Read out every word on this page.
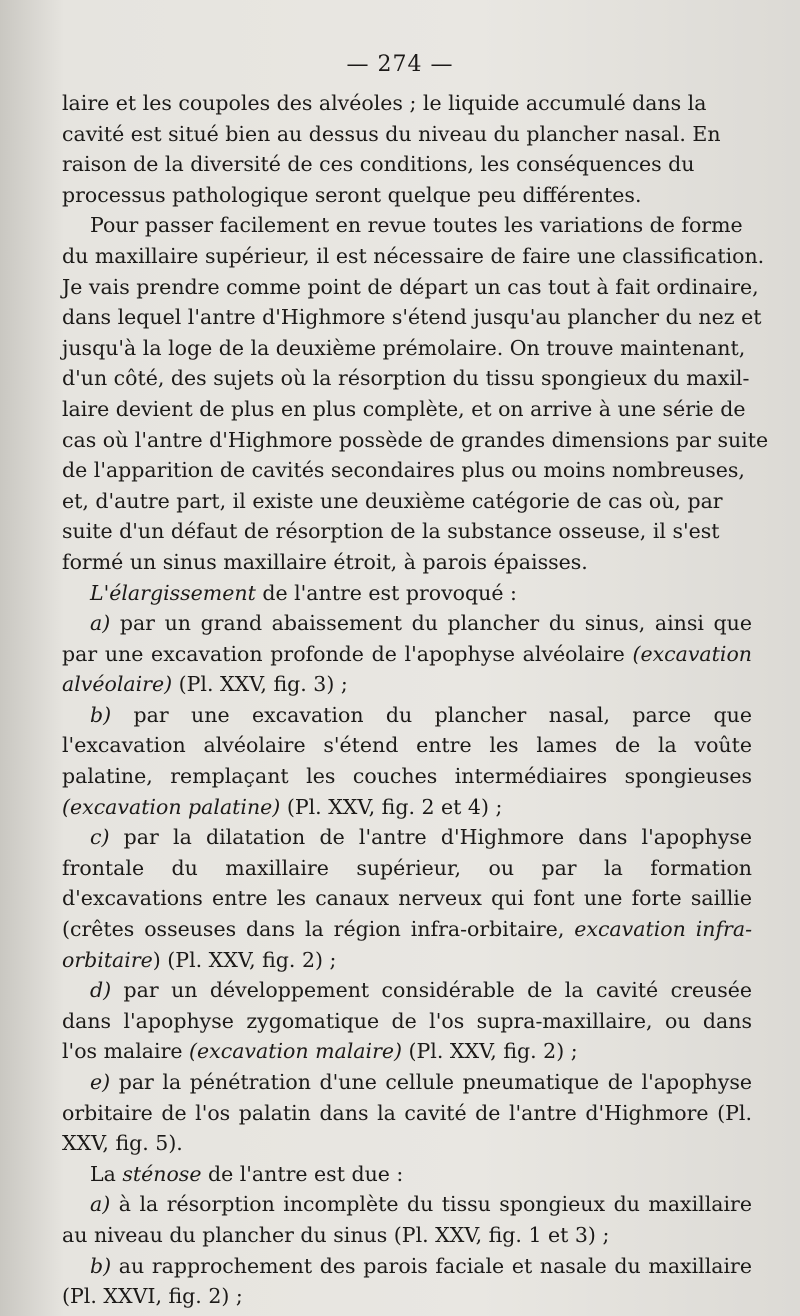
— 274 —

laire et les coupoles des alvéoles ; le liquide accumulé dans la
cavité est situé bien au dessus du niveau du plancher nasal. En
raison de la diversité de ces conditions, les conséquences du
processus pathologique seront quelque peu différentes.

Pour passer facilement en revue toutes les variations de forme
du maxillaire supérieur, il est nécessaire de faire une classification.
Je vais prendre comme point de départ un cas tout à fait ordinaire,
dans lequel l'antre d'Highmore s'étend jusqu'au plancher du nez et
jusqu'à la loge de la deuxième prémolaire. On trouve maintenant,
d'un côté, des sujets où la résorption du tissu spongieux du maxil-
laire devient de plus en plus complète, et on arrive à une série de
cas où l'antre d'Highmore possède de grandes dimensions par suite
de l'apparition de cavités secondaires plus ou moins nombreuses,
et, d'autre part, il existe une deuxième catégorie de cas où, par
suite d'un défaut de résorption de la substance osseuse, il s'est
formé un sinus maxillaire étroit, à parois épaisses.

L'élargissement de l'antre est provoqué :

a) par un grand abaissement du plancher du sinus, ainsi que par une excavation profonde de l'apophyse alvéolaire (excavation alvéolaire) (Pl. XXV, fig. 3) ;

b) par une excavation du plancher nasal, parce que l'excavation alvéolaire s'étend entre les lames de la voûte palatine, remplaçant les couches intermédiaires spongieuses (excavation palatine) (Pl. XXV, fig. 2 et 4) ;

c) par la dilatation de l'antre d'Highmore dans l'apophyse frontale du maxillaire supérieur, ou par la formation d'excavations entre les canaux nerveux qui font une forte saillie (crêtes osseuses dans la région infra-orbitaire, excavation infra-orbitaire) (Pl. XXV, fig. 2) ;

d) par un développement considérable de la cavité creusée dans l'apophyse zygomatique de l'os supra-maxillaire, ou dans l'os malaire (excavation malaire) (Pl. XXV, fig. 2) ;

e) par la pénétration d'une cellule pneumatique de l'apophyse orbitaire de l'os palatin dans la cavité de l'antre d'Highmore (Pl. XXV, fig. 5).

La sténose de l'antre est due :

a) à la résorption incomplète du tissu spongieux du maxillaire au niveau du plancher du sinus (Pl. XXV, fig. 1 et 3) ;

b) au rapprochement des parois faciale et nasale du maxillaire (Pl. XXVI, fig. 2) ;
